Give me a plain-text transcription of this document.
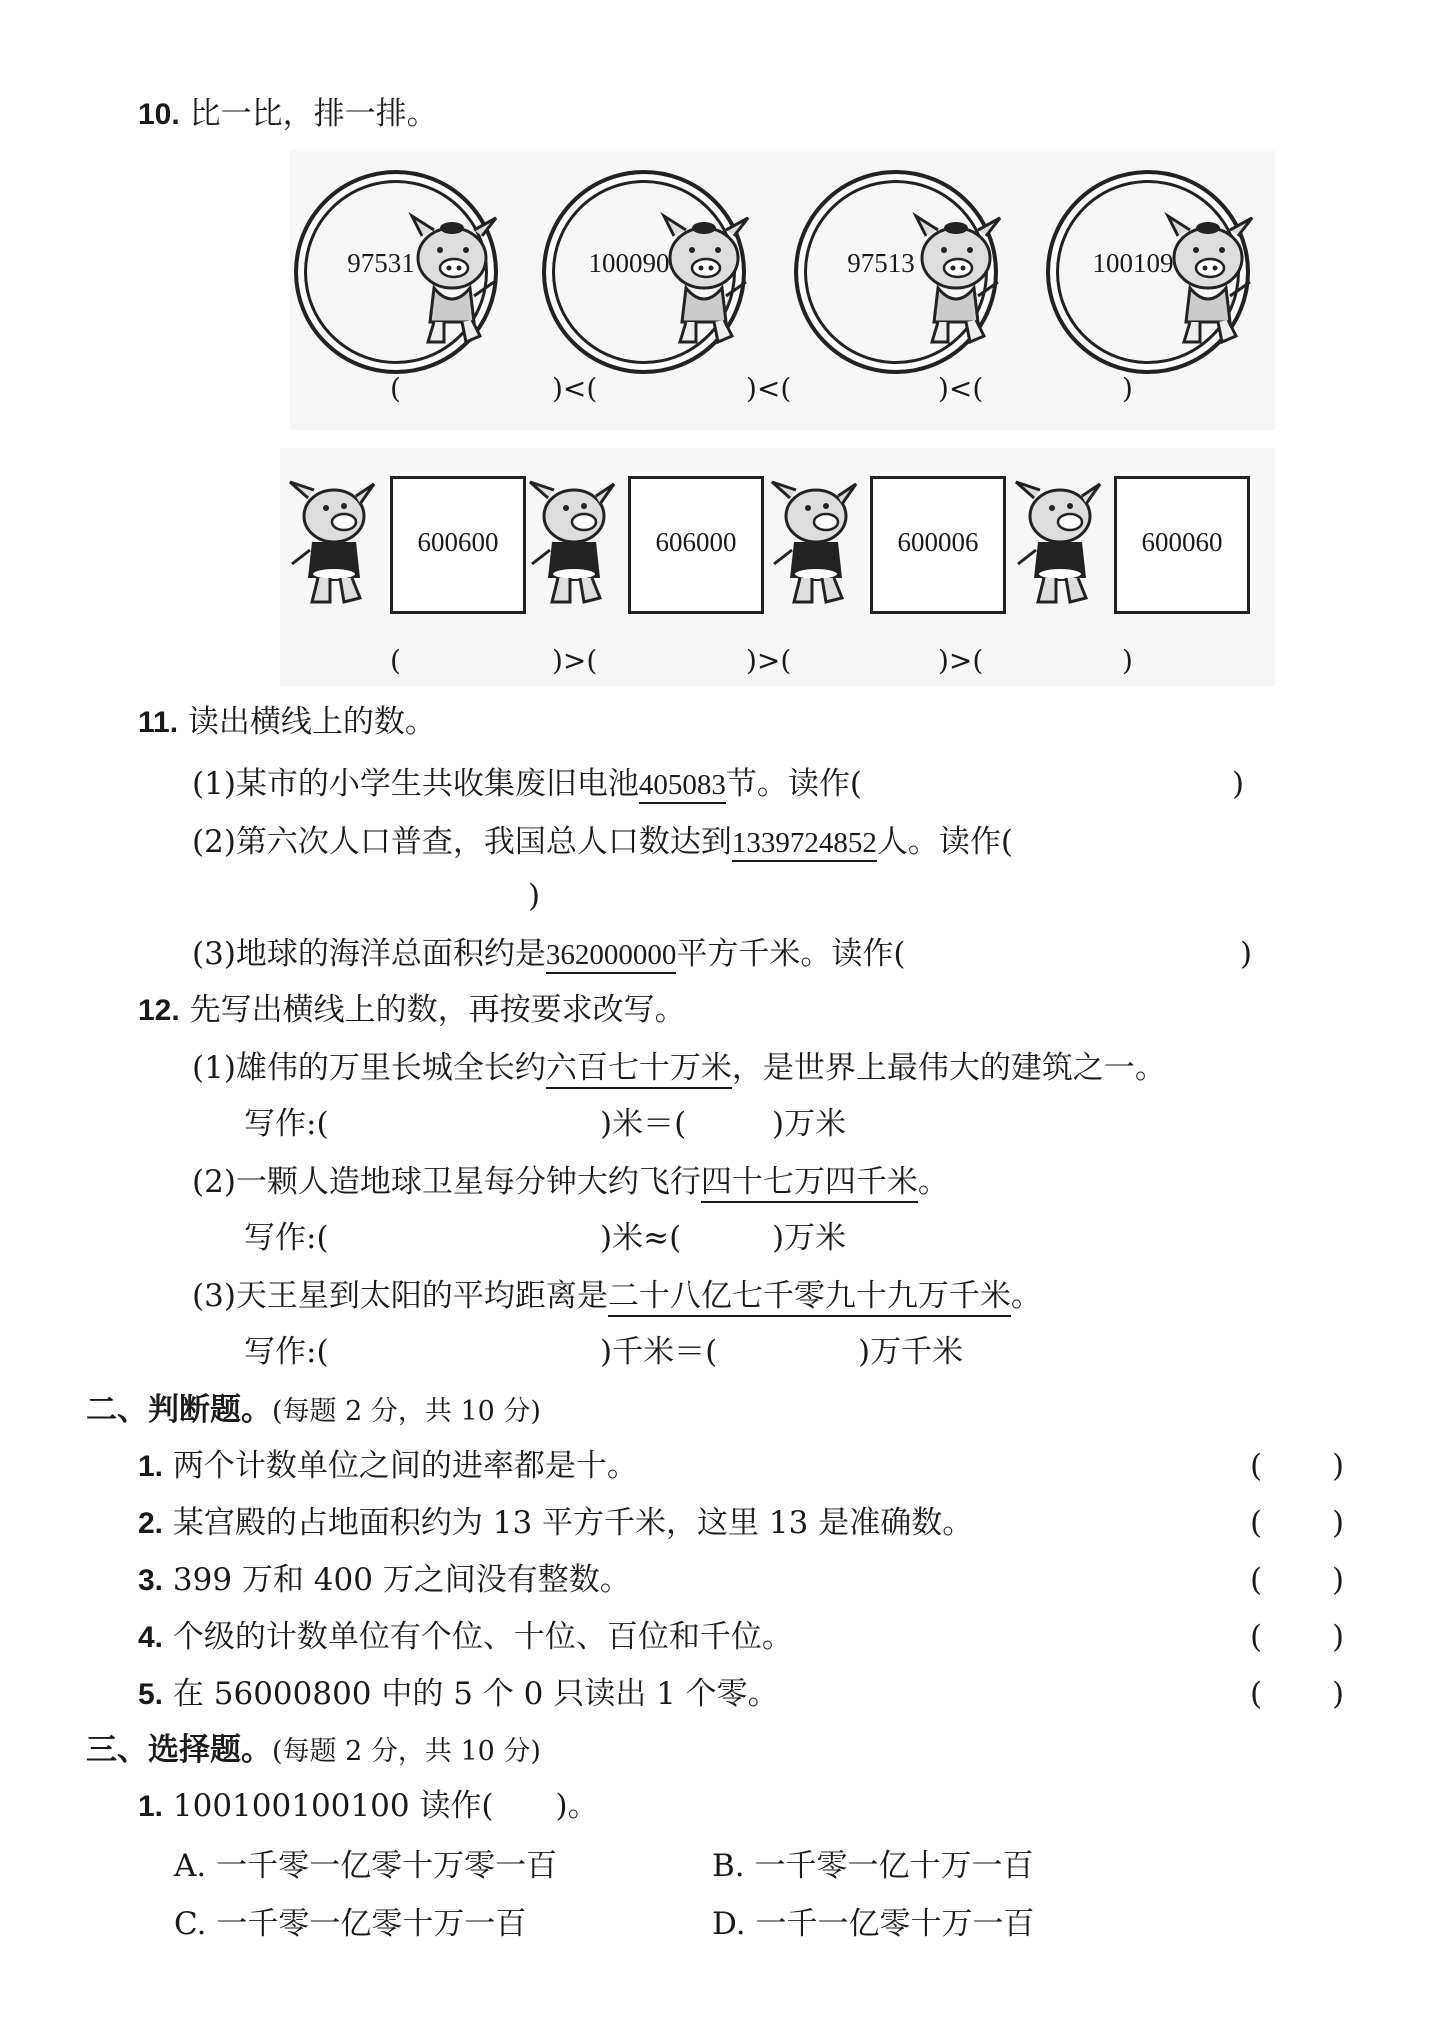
10. 比一比，排一排。
97531	100090	97513	100109
(	)<(	)<(	)<(	)
600600	606000	600006	600060
(	)>(	)>(	)>(	)
11. 读出横线上的数。
(1)某市的小学生共收集废旧电池405083节。读作(	)
(2)第六次人口普查，我国总人口数达到1339724852人。读作(
)
(3)地球的海洋总面积约是362000000平方千米。读作(	)
12. 先写出横线上的数，再按要求改写。
(1)雄伟的万里长城全长约六百七十万米，是世界上最伟大的建筑之一。
写作:(	)米＝(	)万米
(2)一颗人造地球卫星每分钟大约飞行四十七万四千米。
写作:(	)米≈(	)万米
(3)天王星到太阳的平均距离是二十八亿七千零九十九万千米。
写作:(	)千米＝(	)万千米
二、判断题。(每题 2 分，共 10 分)
1. 两个计数单位之间的进率都是十。	( )
2. 某宫殿的占地面积约为 13 平方千米，这里 13 是准确数。	( )
3. 399 万和 400 万之间没有整数。	( )
4. 个级的计数单位有个位、十位、百位和千位。	( )
5. 在 56000800 中的 5 个 0 只读出 1 个零。	( )
三、选择题。(每题 2 分，共 10 分)
1. 100100100100 读作(　　)。
A. 一千零一亿零十万零一百	B. 一千零一亿十万一百
C. 一千零一亿零十万一百	D. 一千一亿零十万一百
